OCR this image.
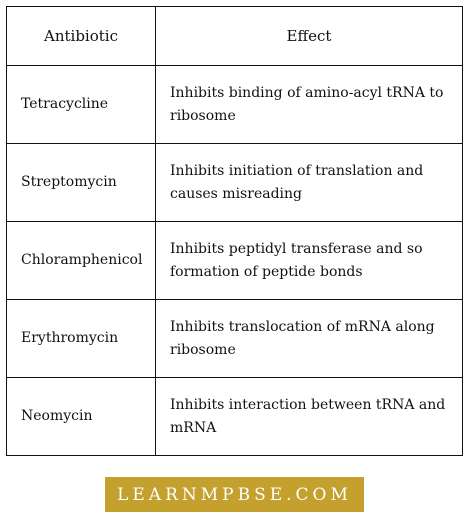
Antibiotic	Effect
Tetracycline	Inhibits binding of amino-acyl tRNA to ribosome
Streptomycin	Inhibits initiation of translation and causes misreading
Chloramphenicol	Inhibits peptidyl transferase and so formation of peptide bonds
Erythromycin	Inhibits translocation of mRNA along ribosome
Neomycin	Inhibits interaction between tRNA and mRNA
LEARNMPBSE.COM
